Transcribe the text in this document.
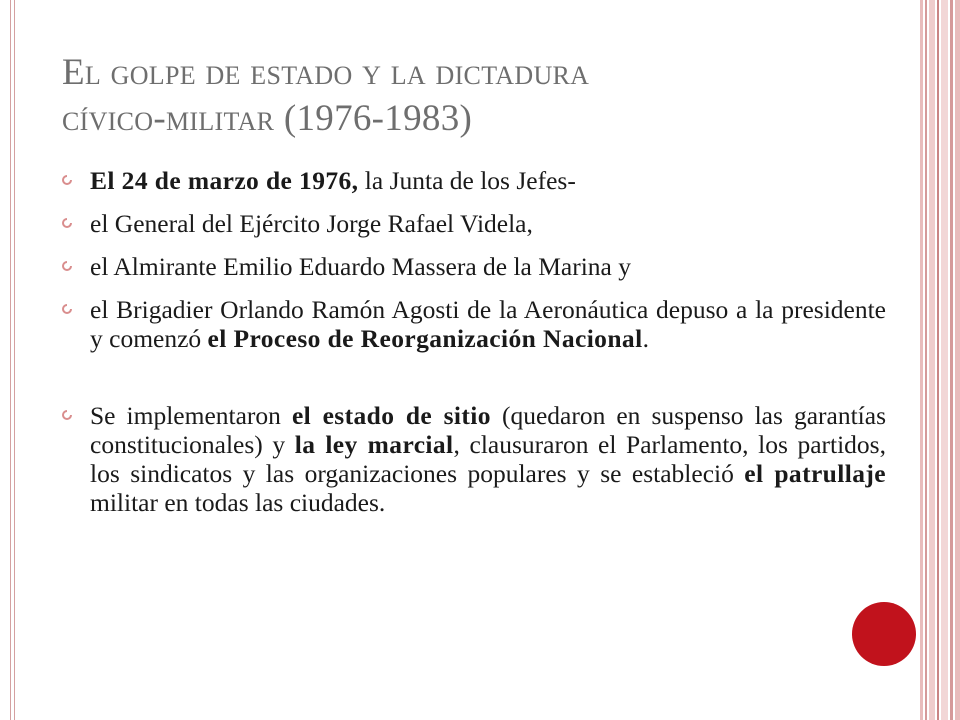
El golpe de estado y la dictadura
cívico-militar (1976-1983)
El 24 de marzo de 1976, la Junta de los Jefes-
el General del Ejército Jorge Rafael Videla,
el Almirante Emilio Eduardo Massera de la Marina y
el Brigadier Orlando Ramón Agosti de la Aeronáutica depuso a la presidente y comenzó el Proceso de Reorganización Nacional.
Se implementaron el estado de sitio (quedaron en suspenso las garantías constitucionales) y la ley marcial, clausuraron el Parlamento, los partidos, los sindicatos y las organizaciones populares y se estableció el patrullaje militar en todas las ciudades.
